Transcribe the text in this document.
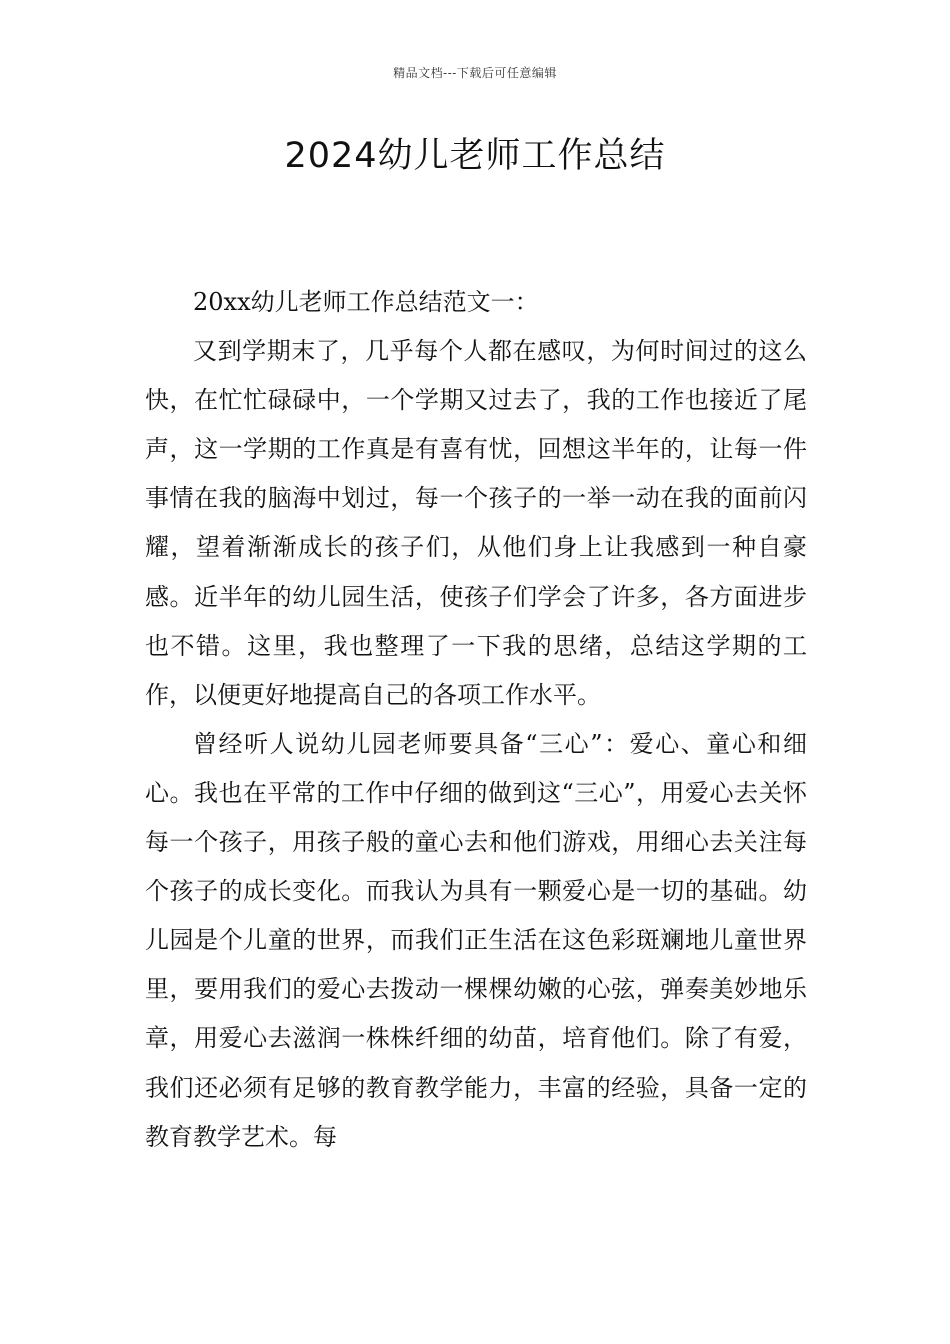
精品文档---下载后可任意编辑
2024幼儿老师工作总结

20xx幼儿老师工作总结范文一：

又到学期末了，几乎每个人都在感叹，为何时间过的这么快，在忙忙碌碌中，一个学期又过去了，我的工作也接近了尾声，这一学期的工作真是有喜有忧，回想这半年的，让每一件事情在我的脑海中划过，每一个孩子的一举一动在我的面前闪耀，望着渐渐成长的孩子们，从他们身上让我感到一种自豪感。近半年的幼儿园生活，使孩子们学会了许多，各方面进步也不错。这里，我也整理了一下我的思绪，总结这学期的工作，以便更好地提高自己的各项工作水平。

曾经听人说幼儿园老师要具备“三心”：爱心、童心和细心。我也在平常的工作中仔细的做到这“三心”，用爱心去关怀每一个孩子，用孩子般的童心去和他们游戏，用细心去关注每个孩子的成长变化。而我认为具有一颗爱心是一切的基础。幼儿园是个儿童的世界，而我们正生活在这色彩斑斓地儿童世界里，要用我们的爱心去拨动一棵棵幼嫩的心弦，弹奏美妙地乐章，用爱心去滋润一株株纤细的幼苗，培育他们。除了有爱，我们还必须有足够的教育教学能力，丰富的经验，具备一定的教育教学艺术。每
